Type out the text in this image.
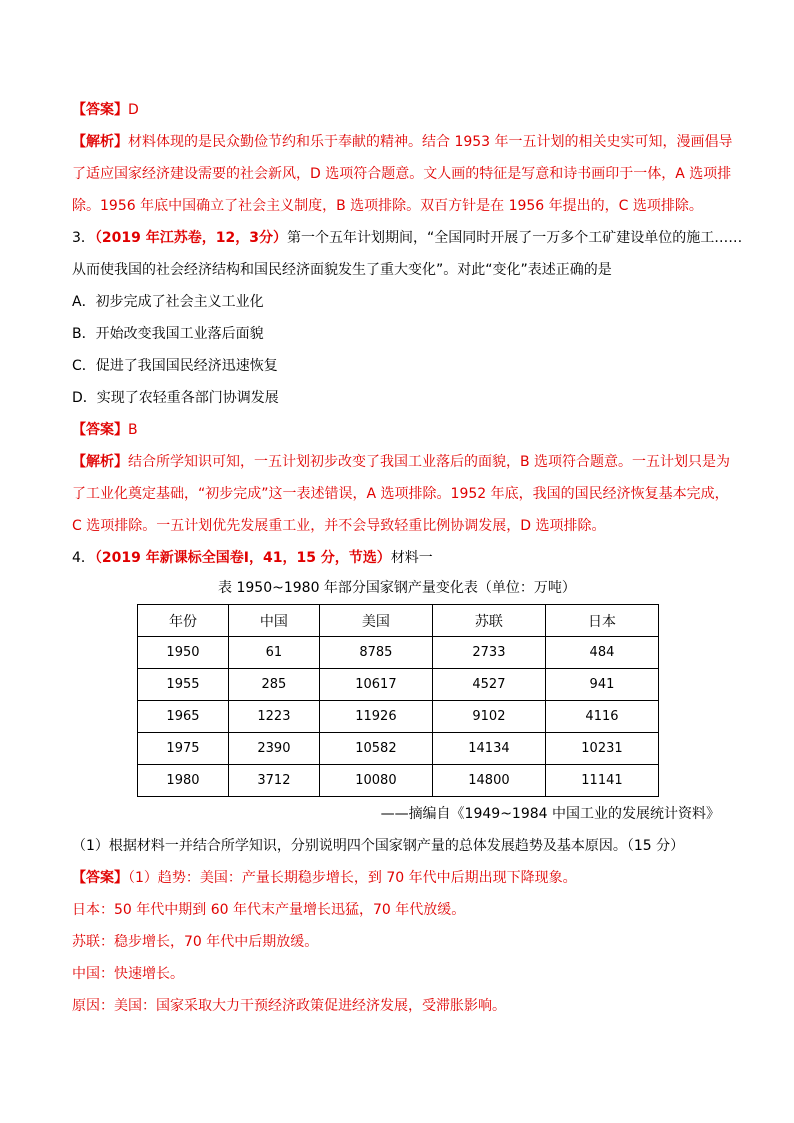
【答案】D
【解析】材料体现的是民众勤俭节约和乐于奉献的精神。结合 1953 年一五计划的相关史实可知，漫画倡导
了适应国家经济建设需要的社会新风，D 选项符合题意。文人画的特征是写意和诗书画印于一体，A 选项排
除。1956 年底中国确立了社会主义制度，B 选项排除。双百方针是在 1956 年提出的，C 选项排除。
3．（2019 年江苏卷，12，3分）第一个五年计划期间，“全国同时开展了一万多个工矿建设单位的施工……
从而使我国的社会经济结构和国民经济面貌发生了重大变化”。对此“变化”表述正确的是
A．初步完成了社会主义工业化
B．开始改变我国工业落后面貌
C．促进了我国国民经济迅速恢复
D．实现了农轻重各部门协调发展
【答案】B
【解析】结合所学知识可知，一五计划初步改变了我国工业落后的面貌，B 选项符合题意。一五计划只是为
了工业化奠定基础，“初步完成”这一表述错误，A 选项排除。1952 年底，我国的国民经济恢复基本完成，
C 选项排除。一五计划优先发展重工业，并不会导致轻重比例协调发展，D 选项排除。
4．（2019 年新课标全国卷Ⅰ，41，15 分，节选）材料一
表 1950~1980 年部分国家钢产量变化表（单位：万吨）
年份	中国	美国	苏联	日本
1950	61	8785	2733	484
1955	285	10617	4527	941
1965	1223	11926	9102	4116
1975	2390	10582	14134	10231
1980	3712	10080	14800	11141
——摘编自《1949~1984 中国工业的发展统计资料》
（1）根据材料一并结合所学知识，分别说明四个国家钢产量的总体发展趋势及基本原因。（15 分）
【答案】（1）趋势：美国：产量长期稳步增长，到 70 年代中后期出现下降现象。
日本：50 年代中期到 60 年代末产量增长迅猛，70 年代放缓。
苏联：稳步增长，70 年代中后期放缓。
中国：快速增长。
原因：美国：国家采取大力干预经济政策促进经济发展，受滞胀影响。
